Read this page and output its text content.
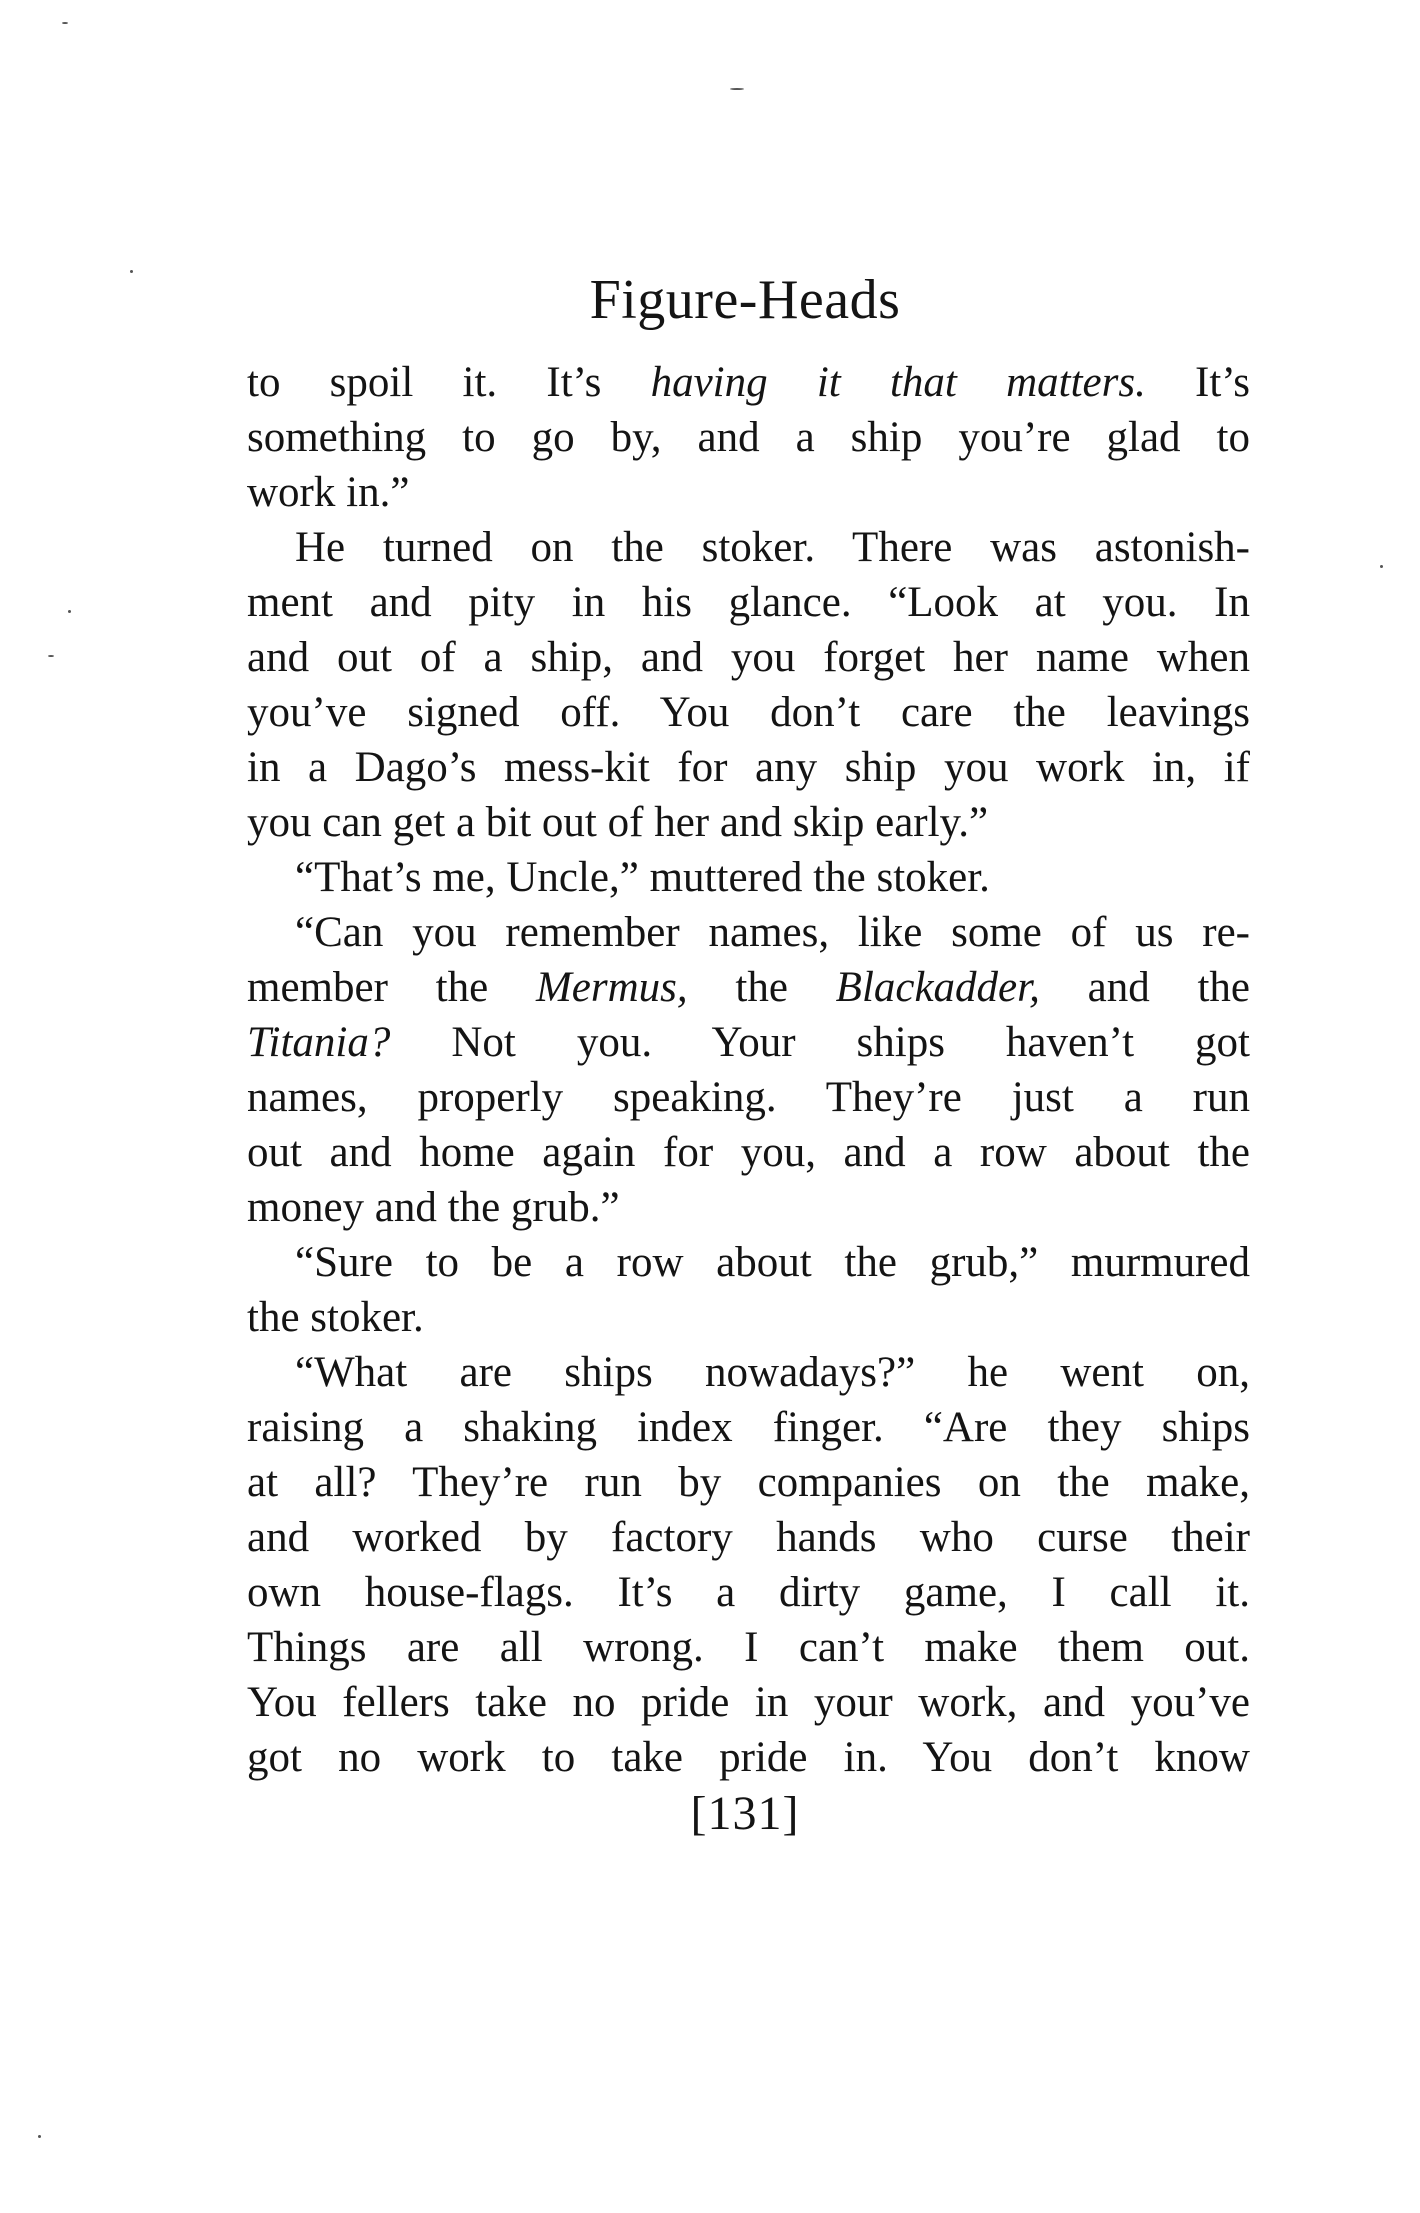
Figure-Heads
to spoil it. It’s having it that matters. It’s
something to go by, and a ship you’re glad to
work in.”
He turned on the stoker. There was astonish-
ment and pity in his glance. “Look at you. In
and out of a ship, and you forget her name when
you’ve signed off. You don’t care the leavings
in a Dago’s mess-kit for any ship you work in, if
you can get a bit out of her and skip early.”
“That’s me, Uncle,” muttered the stoker.
“Can you remember names, like some of us re-
member the Mermus, the Blackadder, and the
Titania? Not you. Your ships haven’t got
names, properly speaking. They’re just a run
out and home again for you, and a row about the
money and the grub.”
“Sure to be a row about the grub,” murmured
the stoker.
“What are ships nowadays?” he went on,
raising a shaking index finger. “Are they ships
at all? They’re run by companies on the make,
and worked by factory hands who curse their
own house-flags. It’s a dirty game, I call it.
Things are all wrong. I can’t make them out.
You fellers take no pride in your work, and you’ve
got no work to take pride in. You don’t know
[131]
